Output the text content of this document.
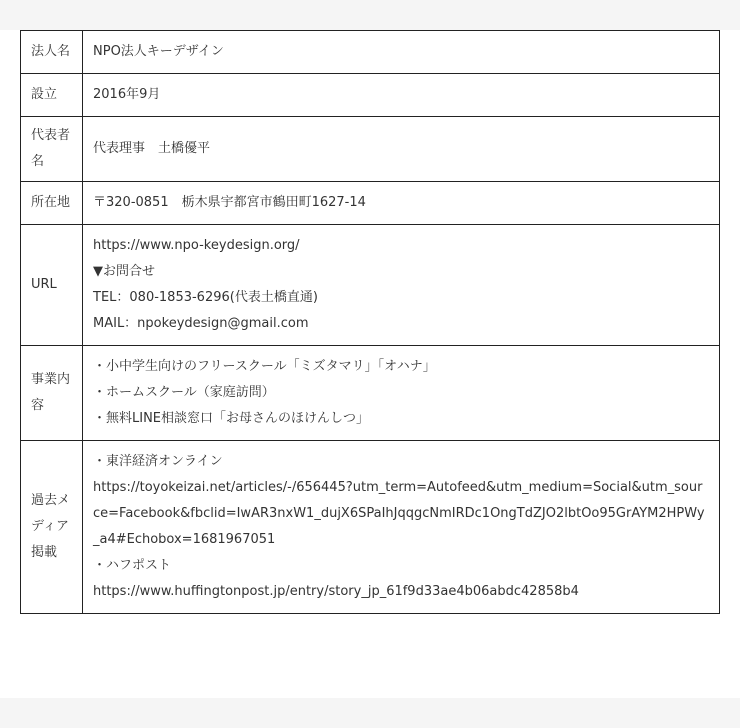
法人名	NPO法人キーデザイン

設立	2016年9月

代表者名	代表理事　土橋優平

所在地	〒320-0851　栃木県宇都宮市鶴田町1627-14

URL	https://www.npo-keydesign.org/
▼お問合せ
TEL：080-1853-6296(代表土橋直通)
MAIL：npokeydesign@gmail.com

事業内容	・小中学生向けのフリースクール「ミズタマリ」「オハナ」
・ホームスクール（家庭訪問）
・無料LINE相談窓口「お母さんのほけんしつ」

過去メディア掲載	・東洋経済オンライン
https://toyokeizai.net/articles/-/656445?utm_term=Autofeed&utm_medium=Social&utm_source=Facebook&fbclid=IwAR3nxW1_dujX6SPaIhJqqgcNmIRDc1OngTdZJO2lbtOo95GrAYM2HPWy_a4#Echobox=1681967051
・ハフポスト
https://www.huffingtonpost.jp/entry/story_jp_61f9d33ae4b06abdc42858b4
